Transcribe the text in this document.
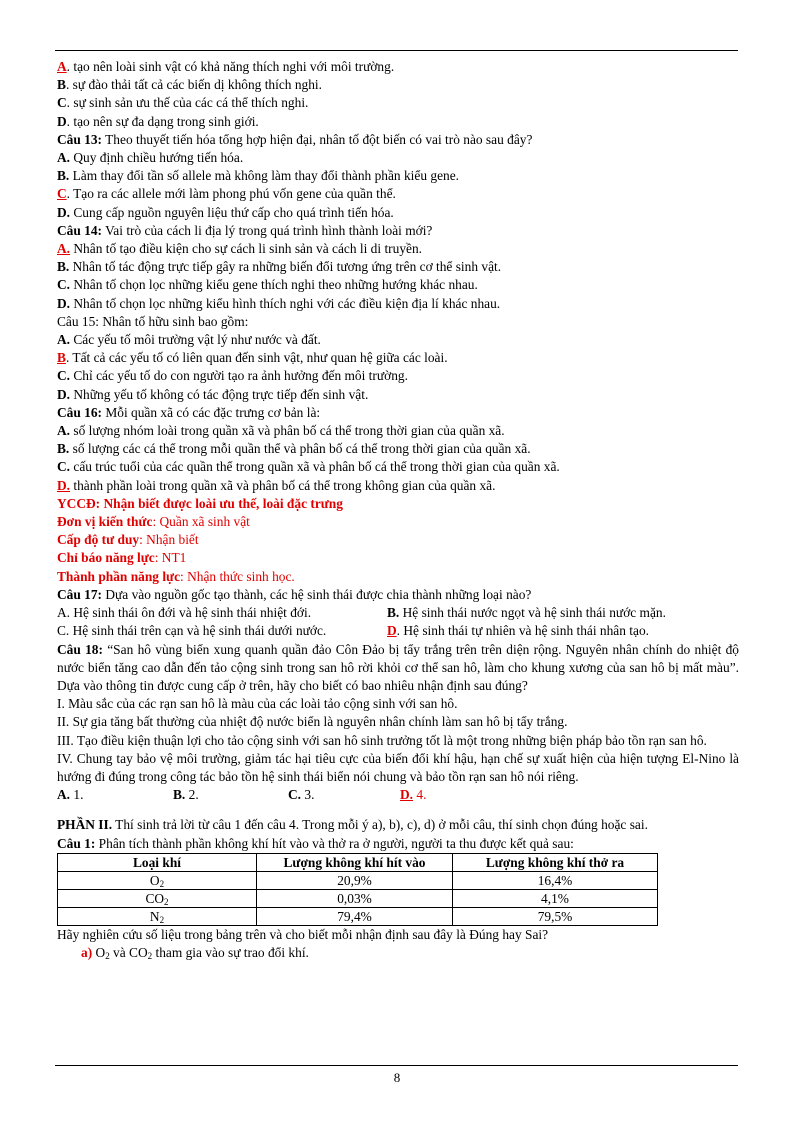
A. tạo nên loài sinh vật có khả năng thích nghi với môi trường.
B. sự đào thải tất cả các biến dị không thích nghi.
C. sự sinh sản ưu thế của các cá thể thích nghi.
D. tạo nên sự đa dạng trong sinh giới.
Câu 13: Theo thuyết tiến hóa tổng hợp hiện đại, nhân tố đột biến có vai trò nào sau đây?
A. Quy định chiều hướng tiến hóa.
B. Làm thay đổi tần số allele mà không làm thay đổi thành phần kiểu gene.
C. Tạo ra các allele mới làm phong phú vốn gene của quần thể.
D. Cung cấp nguồn nguyên liệu thứ cấp cho quá trình tiến hóa.
Câu 14: Vai trò của cách li địa lý trong quá trình hình thành loài mới?
A. Nhân tố tạo điều kiện cho sự cách li sinh sản và cách li di truyền.
B. Nhân tố tác động trực tiếp gây ra những biến đổi tương ứng trên cơ thể sinh vật.
C. Nhân tố chọn lọc những kiểu gene thích nghi theo những hướng khác nhau.
D. Nhân tố chọn lọc những kiểu hình thích nghi với các điều kiện địa lí khác nhau.
Câu 15: Nhân tố hữu sinh bao gồm:
A. Các yếu tố môi trường vật lý như nước và đất.
B. Tất cả các yếu tố có liên quan đến sinh vật, như quan hệ giữa các loài.
C. Chỉ các yếu tố do con người tạo ra ảnh hưởng đến môi trường.
D. Những yếu tố không có tác động trực tiếp đến sinh vật.
Câu 16: Mỗi quần xã có các đặc trưng cơ bản là:
A. số lượng nhóm loài trong quần xã và phân bố cá thể trong thời gian của quần xã.
B. số lượng các cá thể trong mỗi quần thể và phân bố cá thể trong thời gian của quần xã.
C. cấu trúc tuổi của các quần thể trong quần xã và phân bố cá thể trong thời gian của quần xã.
D. thành phần loài trong quần xã và phân bố cá thể trong không gian của quần xã.
YCCĐ: Nhận biết được loài ưu thế, loài đặc trưng
Đơn vị kiến thức: Quần xã sinh vật
Cấp độ tư duy: Nhận biết
Chỉ báo năng lực: NT1
Thành phần năng lực: Nhận thức sinh học.
Câu 17: Dựa vào nguồn gốc tạo thành, các hệ sinh thái được chia thành những loại nào?
A. Hệ sinh thái ôn đới và hệ sinh thái nhiệt đới.	B. Hệ sinh thái nước ngọt và hệ sinh thái nước mặn.
C. Hệ sinh thái trên cạn và hệ sinh thái dưới nước.	D. Hệ sinh thái tự nhiên và hệ sinh thái nhân tạo.
Câu 18: “San hô vùng biển xung quanh quần đảo Côn Đảo bị tẩy trắng trên trên diện rộng. Nguyên nhân chính do nhiệt độ nước biển tăng cao dẫn đến tảo cộng sinh trong san hô rời khỏi cơ thể san hô, làm cho khung xương của san hô bị mất màu”. Dựa vào thông tin được cung cấp ở trên, hãy cho biết có bao nhiêu nhận định sau đúng?
I. Màu sắc của các rạn san hô là màu của các loài tảo cộng sinh với san hô.
II. Sự gia tăng bất thường của nhiệt độ nước biển là nguyên nhân chính làm san hô bị tẩy trắng.
III. Tạo điều kiện thuận lợi cho tảo cộng sinh với san hô sinh trưởng tốt là một trong những biện pháp bảo tồn rạn san hô.
IV. Chung tay bảo vệ môi trường, giảm tác hại tiêu cực của biến đổi khí hậu, hạn chế sự xuất hiện của hiện tượng El-Nino là hướng đi đúng trong công tác bảo tồn hệ sinh thái biển nói chung và bảo tồn rạn san hô nói riêng.
A. 1.	B. 2.	C. 3.	D. 4.
PHẦN II. Thí sinh trả lời từ câu 1 đến câu 4. Trong mỗi ý a), b), c), d) ở mỗi câu, thí sinh chọn đúng hoặc sai.
Câu 1: Phân tích thành phần không khí hít vào và thở ra ở người, người ta thu được kết quả sau:
Loại khí	Lượng không khí hít vào	Lượng không khí thở ra
$O_2$	20,9%	16,4%
$CO_2$	0,03%	4,1%
$N_2$	79,4%	79,5%
Hãy nghiên cứu số liệu trong bảng trên và cho biết mỗi nhận định sau đây là Đúng hay Sai?
a) $O_2$ và $CO_2$ tham gia vào sự trao đổi khí.
8
